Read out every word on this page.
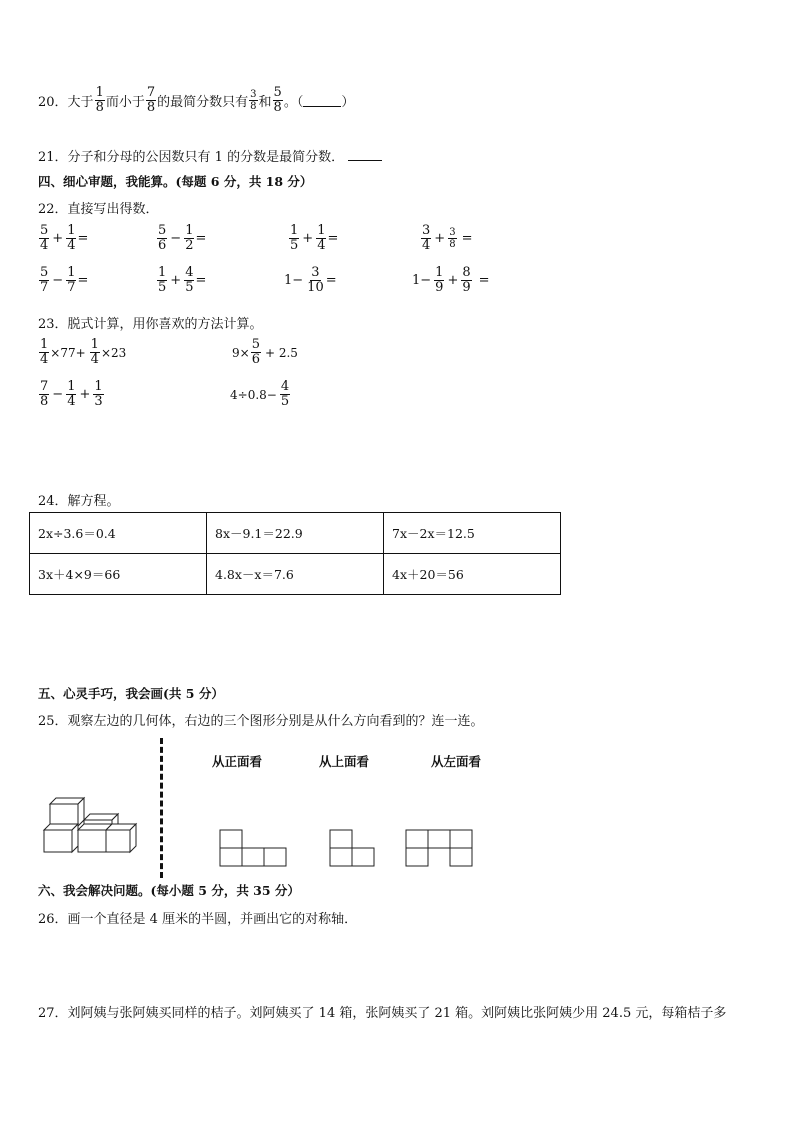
20． 大于 $\frac{1}{8}$ 而小于 $\frac{7}{8}$ 的最简分数只有 $\frac{3}{8}$ 和 $\frac{5}{8}$ 。（	）
21．分子和分母的公因数只有 1 的分数是最简分数．
四、细心审题，我能算。(每题 6 分，共 18 分）
22．直接写出得数．
$\frac{5}{4} + \frac{1}{4}$ =	$\frac{5}{6} - \frac{1}{2}$ =	$\frac{1}{5} + \frac{1}{4}$ =	$\frac{3}{4} + \frac{3}{8}$ =
$\frac{5}{7} - \frac{1}{7}$ =	$\frac{1}{5} + \frac{4}{5}$ =	$1- \frac{3}{10}$ =	$1- \frac{1}{9} + \frac{8}{9}$ =
23．脱式计算，用你喜欢的方法计算。
$\frac{1}{4} \times 77+ \frac{1}{4} \times 23$	$9\times \frac{5}{6} + 2.5$
$\frac{7}{8} - \frac{1}{4} + \frac{1}{3}$	$4\div 0.8- \frac{4}{5}$
24．解方程。
2x÷3.6＝0.4	8x－9.1＝22.9	7x－2x＝12.5
3x＋4×9＝66	4.8x－x＝7.6	4x＋20＝56
五、心灵手巧，我会画(共 5 分）
25．观察左边的几何体，右边的三个图形分别是从什么方向看到的？连一连。
从正面看	从上面看	从左面看
六、我会解决问题。(每小题 5 分，共 35 分）
26．画一个直径是 4 厘米的半圆，并画出它的对称轴．
27．刘阿姨与张阿姨买同样的桔子。刘阿姨买了 14 箱，张阿姨买了 21 箱。刘阿姨比张阿姨少用 24.5 元，每箱桔子多
